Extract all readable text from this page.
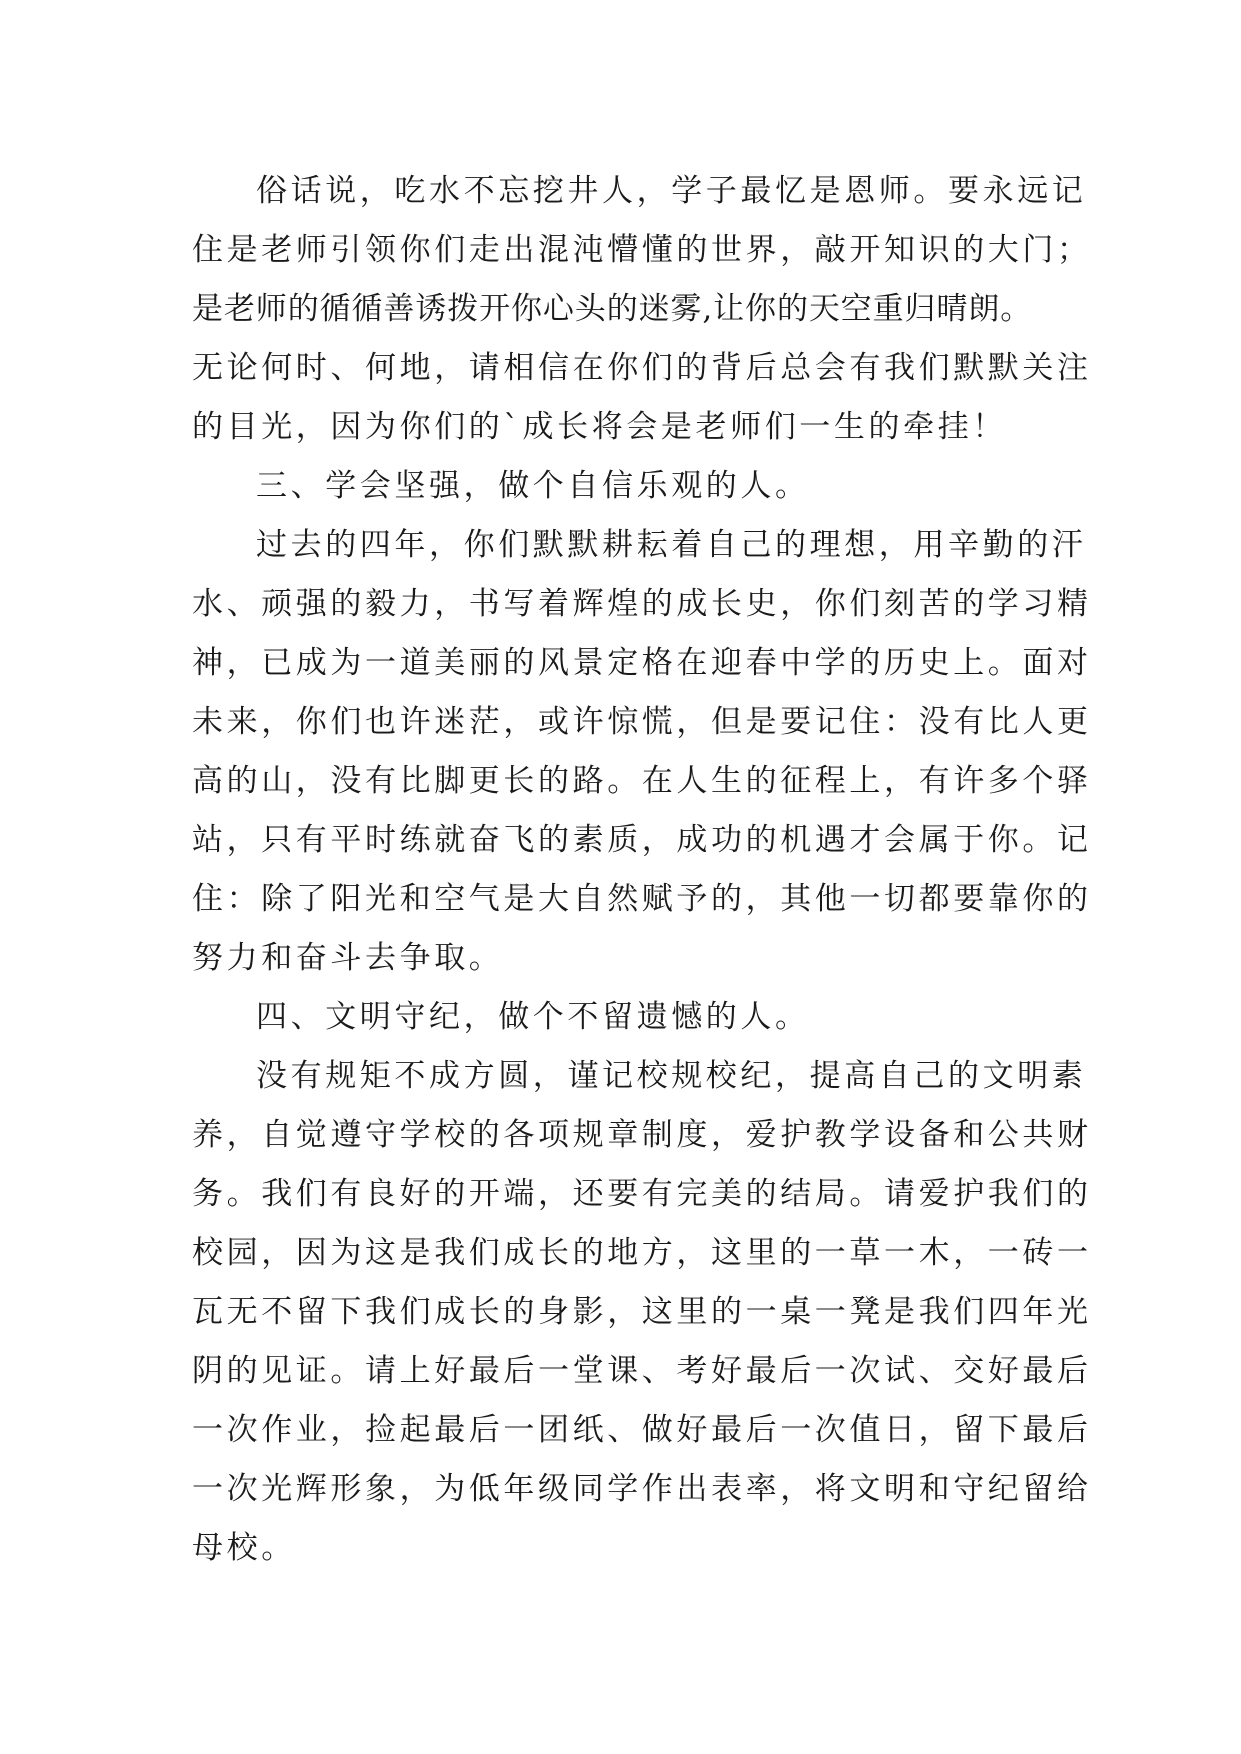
俗话说，吃水不忘挖井人，学子最忆是恩师。要永远记
住是老师引领你们走出混沌懵懂的世界，敲开知识的大门；
是老师的循循善诱拨开你心头的迷雾,让你的天空重归晴朗。
无论何时、何地，请相信在你们的背后总会有我们默默关注
的目光，因为你们的`成长将会是老师们一生的牵挂！
三、学会坚强，做个自信乐观的人。
过去的四年，你们默默耕耘着自己的理想，用辛勤的汗
水、顽强的毅力，书写着辉煌的成长史，你们刻苦的学习精
神，已成为一道美丽的风景定格在迎春中学的历史上。面对
未来，你们也许迷茫，或许惊慌，但是要记住：没有比人更
高的山，没有比脚更长的路。在人生的征程上，有许多个驿
站，只有平时练就奋飞的素质，成功的机遇才会属于你。记
住：除了阳光和空气是大自然赋予的，其他一切都要靠你的
努力和奋斗去争取。
四、文明守纪，做个不留遗憾的人。
没有规矩不成方圆，谨记校规校纪，提高自己的文明素
养，自觉遵守学校的各项规章制度，爱护教学设备和公共财
务。我们有良好的开端，还要有完美的结局。请爱护我们的
校园，因为这是我们成长的地方，这里的一草一木，一砖一
瓦无不留下我们成长的身影，这里的一桌一凳是我们四年光
阴的见证。请上好最后一堂课、考好最后一次试、交好最后
一次作业，捡起最后一团纸、做好最后一次值日，留下最后
一次光辉形象，为低年级同学作出表率，将文明和守纪留给
母校。
